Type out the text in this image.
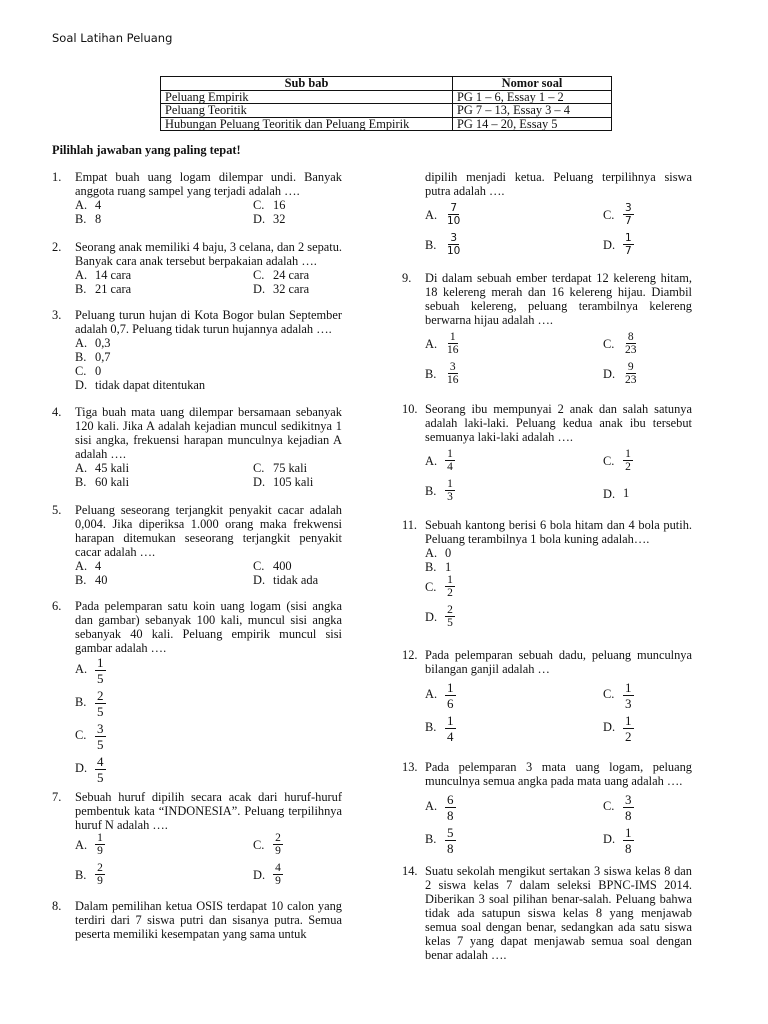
Soal Latihan Peluang
Sub bab	Nomor soal
Peluang Empirik	PG 1 – 6, Essay 1 – 2
Peluang Teoritik	PG 7 – 13, Essay 3 – 4
Hubungan Peluang Teoritik dan Peluang Empirik	PG 14 – 20, Essay 5
Pilihlah jawaban yang paling tepat!
1. Empat buah uang logam dilempar undi. Banyak anggota ruang sampel yang terjadi adalah ….
A. 4	C. 16
B. 8	D. 32
2. Seorang anak memiliki 4 baju, 3 celana, dan 2 sepatu. Banyak cara anak tersebut berpakaian adalah ….
A. 14 cara	C. 24 cara
B. 21 cara	D. 32 cara
3. Peluang turun hujan di Kota Bogor bulan September adalah 0,7. Peluang tidak turun hujannya adalah ….
A. 0,3
B. 0,7
C. 0
D. tidak dapat ditentukan
4. Tiga buah mata uang dilempar bersamaan sebanyak 120 kali. Jika A adalah kejadian muncul sedikitnya 1 sisi angka, frekuensi harapan munculnya kejadian A adalah ….
A. 45 kali	C. 75 kali
B. 60 kali	D. 105 kali
5. Peluang seseorang terjangkit penyakit cacar adalah 0,004. Jika diperiksa 1.000 orang maka frekwensi harapan ditemukan seseorang terjangkit penyakit cacar adalah ….
A. 4	C. 400
B. 40	D. tidak ada
6. Pada pelemparan satu koin uang logam (sisi angka dan gambar) sebanyak 100 kali, muncul sisi angka sebanyak 40 kali. Peluang empirik muncul sisi gambar adalah ….
A. $\frac{1}{5}$
B. $\frac{2}{5}$
C. $\frac{3}{5}$
D. $\frac{4}{5}$
7. Sebuah huruf dipilih secara acak dari huruf-huruf pembentuk kata “INDONESIA”. Peluang terpilihnya huruf N adalah ….
A. $\frac{1}{9}$	C. $\frac{2}{9}$
B. $\frac{2}{9}$	D. $\frac{4}{9}$
8. Dalam pemilihan ketua OSIS terdapat 10 calon yang terdiri dari 7 siswa putri dan sisanya putra. Semua peserta memiliki kesempatan yang sama untuk
dipilih menjadi ketua. Peluang terpilihnya siswa putra adalah ….
A. $\frac{7}{10}$	C. $\frac{3}{7}$
B. $\frac{3}{10}$	D. $\frac{1}{7}$
9. Di dalam sebuah ember terdapat 12 kelereng hitam, 18 kelereng merah dan 16 kelereng hijau. Diambil sebuah kelereng, peluang terambilnya kelereng berwarna hijau adalah ….
A. $\frac{1}{16}$	C. $\frac{8}{23}$
B. $\frac{3}{16}$	D. $\frac{9}{23}$
10. Seorang ibu mempunyai 2 anak dan salah satunya adalah laki-laki. Peluang kedua anak ibu tersebut semuanya laki-laki adalah ….
A. $\frac{1}{4}$	C. $\frac{1}{2}$
B. $\frac{1}{3}$	D. 1
11. Sebuah kantong berisi 6 bola hitam dan 4 bola putih. Peluang terambilnya 1 bola kuning adalah….
A. 0
B. 1
C. $\frac{1}{2}$
D. $\frac{2}{5}$
12. Pada pelemparan sebuah dadu, peluang munculnya bilangan ganjil adalah …
A. $\frac{1}{6}$	C. $\frac{1}{3}$
B. $\frac{1}{4}$	D. $\frac{1}{2}$
13. Pada pelemparan 3 mata uang logam, peluang munculnya semua angka pada mata uang adalah ….
A. $\frac{6}{8}$	C. $\frac{3}{8}$
B. $\frac{5}{8}$	D. $\frac{1}{8}$
14. Suatu sekolah mengikut sertakan 3 siswa kelas 8 dan 2 siswa kelas 7 dalam seleksi BPNC-IMS 2014. Diberikan 3 soal pilihan benar-salah. Peluang bahwa tidak ada satupun siswa kelas 8 yang menjawab semua soal dengan benar, sedangkan ada satu siswa kelas 7 yang dapat menjawab semua soal dengan benar adalah ….
